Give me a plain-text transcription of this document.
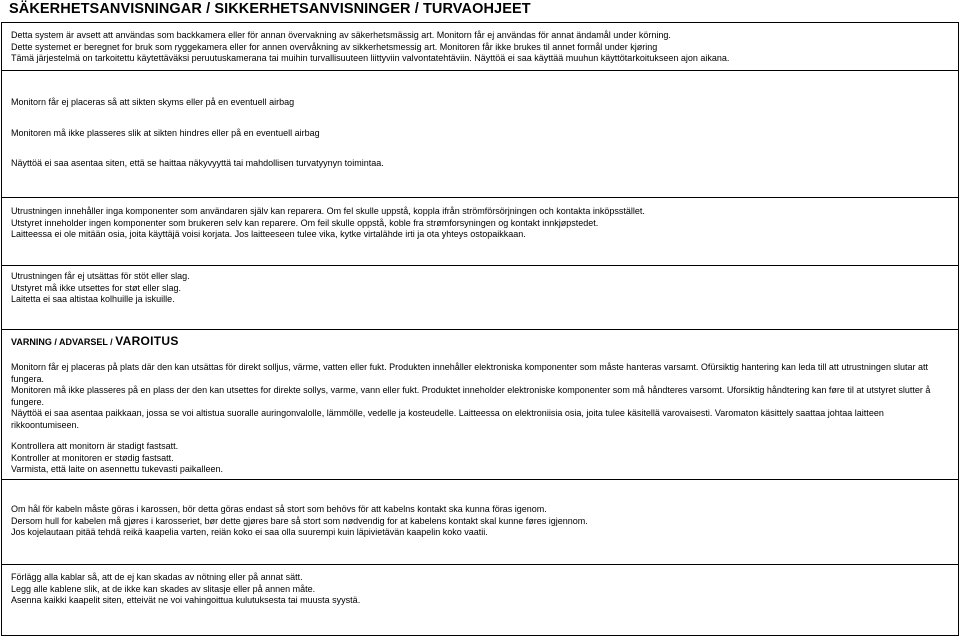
SÄKERHETSANVISNINGAR / SIKKERHETSANVISNINGER / TURVAOHJEET
Detta system är avsett att användas som backkamera eller för annan övervakning av säkerhetsmässig art. Monitorn får ej användas för annat ändamål under körning.
Dette systemet er beregnet for bruk som ryggekamera eller for annen overvåkning av sikkerhetsmessig art. Monitoren får ikke brukes til annet formål under kjøring
Tämä järjestelmä on tarkoitettu käytettäväksi peruutuskamerana tai muihin turvallisuuteen liittyviin valvontatehtäviin. Näyttöä ei saa käyttää muuhun käyttötarkoitukseen ajon aikana.
Monitorn får ej placeras så att sikten skyms eller på en eventuell airbag
Monitoren må ikke plasseres slik at sikten hindres eller på en eventuell airbag
Näyttöä ei saa asentaa siten, että se haittaa näkyvyyttä tai mahdollisen turvatyynyn toimintaa.
Utrustningen innehåller inga komponenter som användaren själv kan reparera. Om fel skulle uppstå, koppla ifrån strömförsörjningen och kontakta inköpsstället.
Utstyret inneholder ingen komponenter som brukeren selv kan reparere. Om feil skulle oppstå, koble fra strømforsyningen og kontakt innkjøpstedet.
Laitteessa ei ole mitään osia, joita käyttäjä voisi korjata. Jos laitteeseen tulee vika, kytke virtalähde irti ja ota yhteys ostopaikkaan.
Utrustningen får ej utsättas för stöt eller slag.
Utstyret må ikke utsettes for støt eller slag.
Laitetta ei saa altistaa kolhuille ja iskuille.
VARNING / ADVARSEL / VAROITUS
Monitorn får ej placeras på plats där den kan utsättas för direkt solljus, värme, vatten eller fukt. Produkten innehåller elektroniska komponenter som måste hanteras varsamt. Ofürsiktig hantering kan leda till att utrustningen slutar att fungera.
Monitoren må ikke plasseres på en plass der den kan utsettes for direkte sollys, varme, vann eller fukt. Produktet inneholder elektroniske komponenter som må håndteres varsomt. Uforsiktig håndtering kan føre til at utstyret slutter å fungere.
Näyttöä ei saa asentaa paikkaan, jossa se voi altistua suoralle auringonvalolle, lämmölle, vedelle ja kosteudelle. Laitteessa on elektroniisia osia, joita tulee käsitellä varovaisesti. Varomaton käsittely saattaa johtaa laitteen rikkoontumiseen.
Kontrollera att monitorn är stadigt fastsatt.
Kontroller at monitoren er stødig fastsatt.
Varmista, että laite on asennettu tukevasti paikalleen.
Om hål för kabeln måste göras i karossen, bör detta göras endast så stort som behövs för att kabelns kontakt ska kunna föras igenom.
Dersom hull for kabelen må gjøres i karosseriet, bør dette gjøres bare så stort som nødvendig for at kabelens kontakt skal kunne føres igjennom.
Jos kojelautaan pitää tehdä reikä kaapelia varten, reiän koko ei saa olla suurempi kuin läpivietävän kaapelin koko vaatii.
Förlägg alla kablar så, att de ej kan skadas av nötning eller på annat sätt.
Legg alle kablene slik, at de ikke kan skades av slitasje eller på annen måte.
Asenna kaikki kaapelit siten, etteivät ne voi vahingoittua kulutuksesta tai muusta syystä.
